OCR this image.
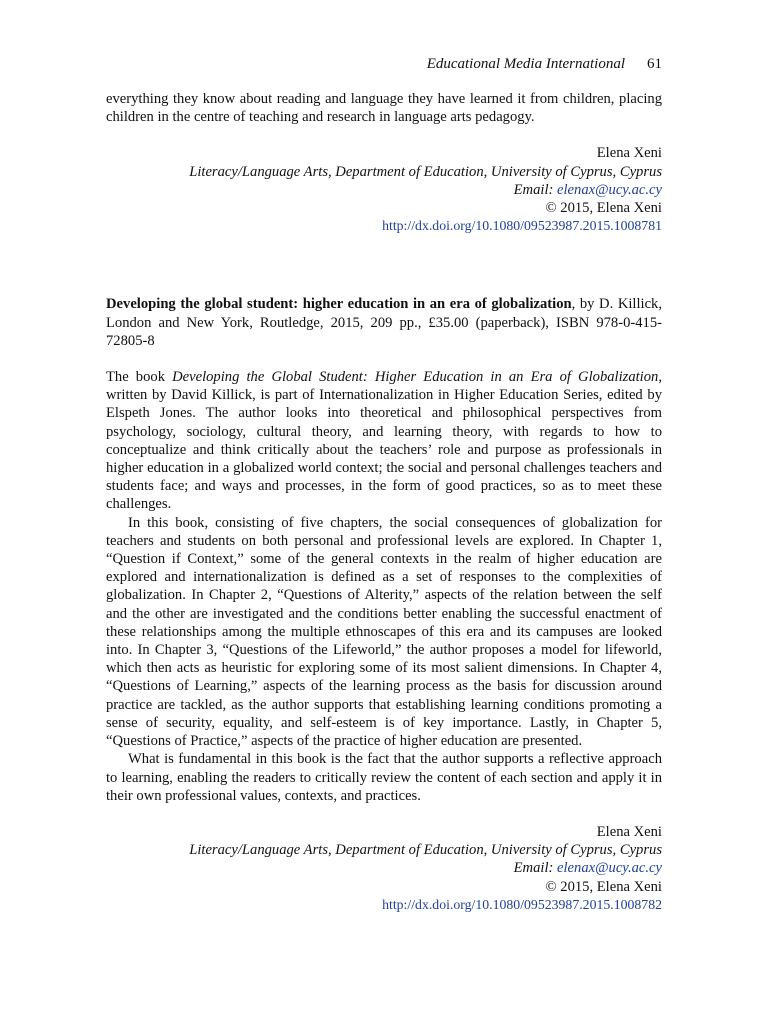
Educational Media International 61

everything they know about reading and language they have learned it from children, placing children in the centre of teaching and research in language arts pedagogy.

Elena Xeni
Literacy/Language Arts, Department of Education, University of Cyprus, Cyprus
Email: elenax@ucy.ac.cy
© 2015, Elena Xeni
http://dx.doi.org/10.1080/09523987.2015.1008781

Developing the global student: higher education in an era of globalization, by D. Killick, London and New York, Routledge, 2015, 209 pp., £35.00 (paperback), ISBN 978-0-415-72805-8

The book Developing the Global Student: Higher Education in an Era of Globalization, written by David Killick, is part of Internationalization in Higher Education Series, edited by Elspeth Jones. The author looks into theoretical and philosophical perspectives from psychology, sociology, cultural theory, and learning theory, with regards to how to conceptualize and think critically about the teachers’ role and purpose as professionals in higher education in a globalized world context; the social and personal challenges teachers and students face; and ways and processes, in the form of good practices, so as to meet these challenges.

In this book, consisting of five chapters, the social consequences of globalization for teachers and students on both personal and professional levels are explored. In Chapter 1, “Question if Context,” some of the general contexts in the realm of higher education are explored and internationalization is defined as a set of responses to the complexities of globalization. In Chapter 2, “Questions of Alterity,” aspects of the relation between the self and the other are investigated and the conditions better enabling the successful enactment of these relationships among the multiple ethnoscapes of this era and its campuses are looked into. In Chapter 3, “Questions of the Lifeworld,” the author proposes a model for lifeworld, which then acts as heuristic for exploring some of its most salient dimensions. In Chapter 4, “Questions of Learning,” aspects of the learning process as the basis for discussion around practice are tackled, as the author supports that establishing learning conditions promoting a sense of security, equality, and self-esteem is of key importance. Lastly, in Chapter 5, “Questions of Practice,” aspects of the practice of higher education are presented.

What is fundamental in this book is the fact that the author supports a reflective approach to learning, enabling the readers to critically review the content of each section and apply it in their own professional values, contexts, and practices.

Elena Xeni
Literacy/Language Arts, Department of Education, University of Cyprus, Cyprus
Email: elenax@ucy.ac.cy
© 2015, Elena Xeni
http://dx.doi.org/10.1080/09523987.2015.1008782
